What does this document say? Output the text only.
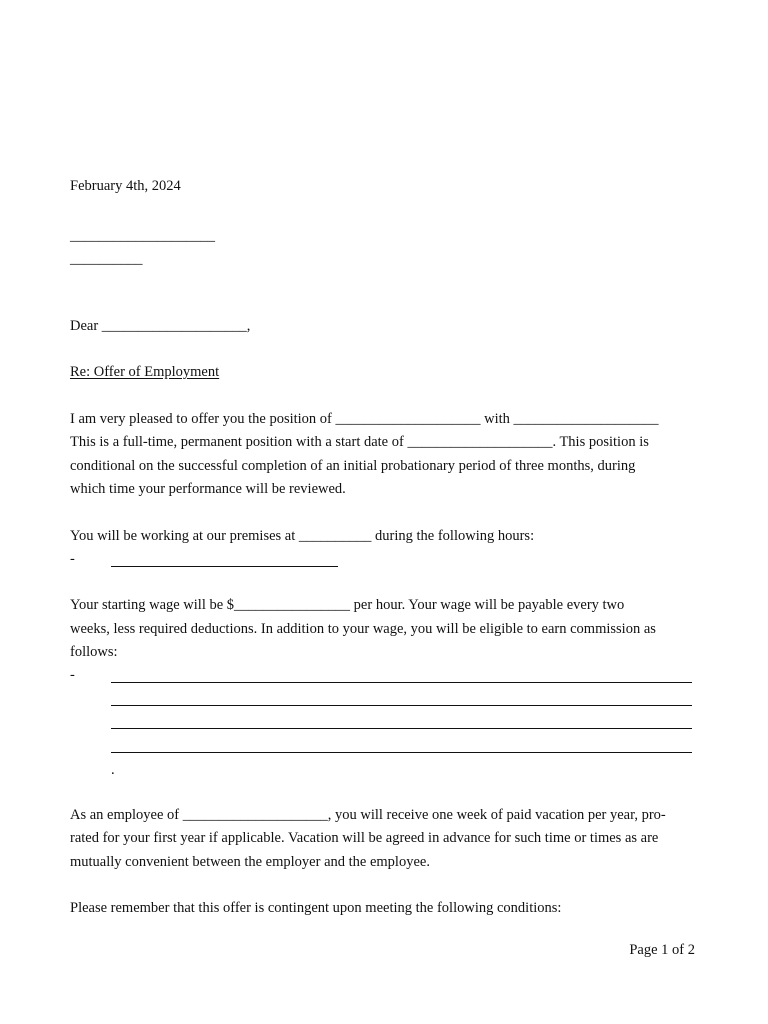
February 4th, 2024
____________________
__________
Dear ____________________,
Re: Offer of Employment
I am very pleased to offer you the position of ____________________ with ____________________
This is a full-time, permanent position with a start date of ____________________. This position is
conditional on the successful completion of an initial probationary period of three months, during
which time your performance will be reviewed.
You will be working at our premises at __________ during the following hours:
-
Your starting wage will be $________________ per hour. Your wage will be payable every two
weeks, less required deductions. In addition to your wage, you will be eligible to earn commission as
follows:
-
.
As an employee of ____________________, you will receive one week of paid vacation per year, pro-
rated for your first year if applicable. Vacation will be agreed in advance for such time or times as are
mutually convenient between the employer and the employee.
Please remember that this offer is contingent upon meeting the following conditions:
Page 1 of 2
